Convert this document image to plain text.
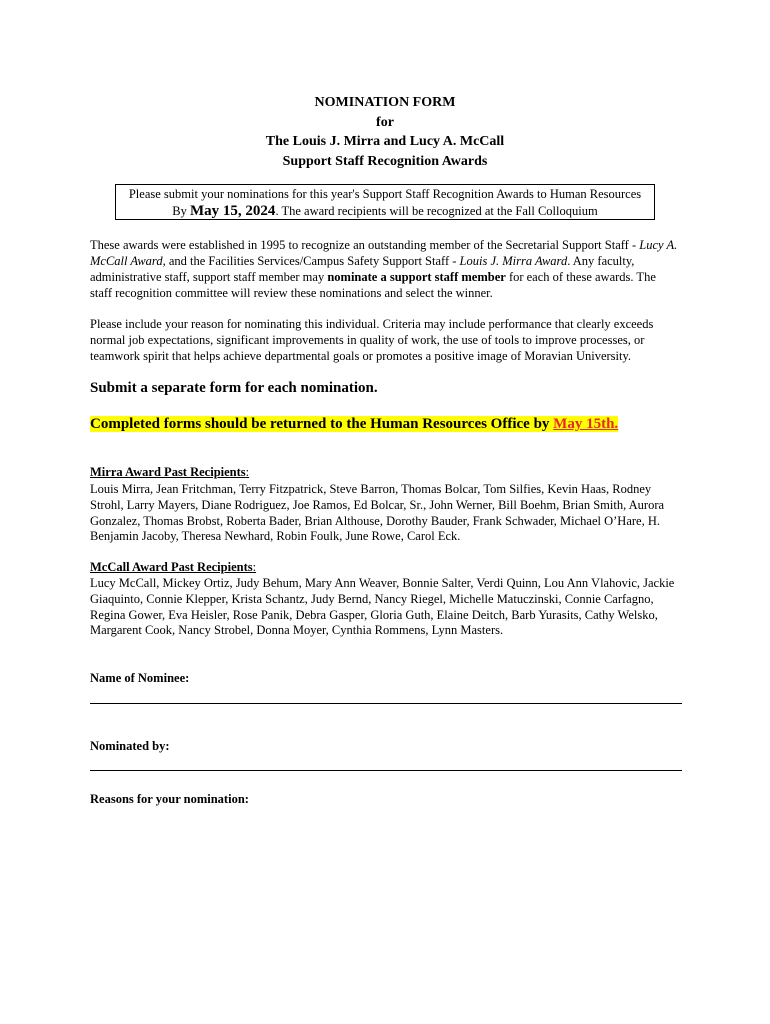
NOMINATION FORM
for
The Louis J. Mirra and Lucy A. McCall
Support Staff Recognition Awards
Please submit your nominations for this year's Support Staff Recognition Awards to Human Resources
By May 15, 2024. The award recipients will be recognized at the Fall Colloquium

These awards were established in 1995 to recognize an outstanding member of the Secretarial Support Staff - Lucy A. McCall Award, and the Facilities Services/Campus Safety Support Staff - Louis J. Mirra Award. Any faculty, administrative staff, support staff member may nominate a support staff member for each of these awards. The staff recognition committee will review these nominations and select the winner.

Please include your reason for nominating this individual. Criteria may include performance that clearly exceeds normal job expectations, significant improvements in quality of work, the use of tools to improve processes, or teamwork spirit that helps achieve departmental goals or promotes a positive image of Moravian University.

Submit a separate form for each nomination.
Completed forms should be returned to the Human Resources Office by May 15th.
Mirra Award Past Recipients:

Louis Mirra, Jean Fritchman, Terry Fitzpatrick, Steve Barron, Thomas Bolcar, Tom Silfies, Kevin Haas, Rodney Strohl, Larry Mayers, Diane Rodriguez, Joe Ramos, Ed Bolcar, Sr., John Werner, Bill Boehm, Brian Smith, Aurora Gonzalez, Thomas Brobst, Roberta Bader, Brian Althouse, Dorothy Bauder, Frank Schwader, Michael O’Hare, H. Benjamin Jacoby, Theresa Newhard, Robin Foulk, June Rowe, Carol Eck.

McCall Award Past Recipients:

Lucy McCall, Mickey Ortiz, Judy Behum, Mary Ann Weaver, Bonnie Salter, Verdi Quinn, Lou Ann Vlahovic, Jackie Giaquinto, Connie Klepper, Krista Schantz, Judy Bernd, Nancy Riegel, Michelle Matuczinski, Connie Carfagno, Regina Gower, Eva Heisler, Rose Panik, Debra Gasper, Gloria Guth, Elaine Deitch, Barb Yurasits, Cathy Welsko, Margarent Cook, Nancy Strobel, Donna Moyer, Cynthia Rommens, Lynn Masters.

Name of Nominee:
Nominated by:
Reasons for your nomination:
